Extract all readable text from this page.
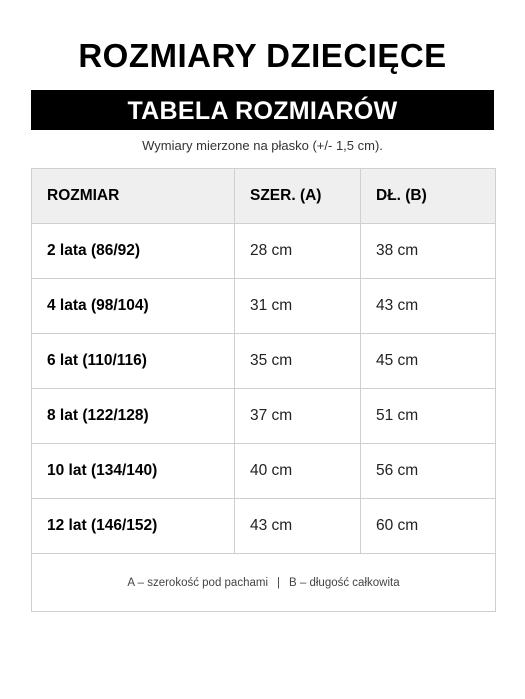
ROZMIARY DZIECIĘCE
TABELA ROZMIARÓW
Wymiary mierzone na płasko (+/- 1,5 cm).
ROZMIAR	SZER. (A)	DŁ. (B)
2 lata (86/92)	28 cm	38 cm
4 lata (98/104)	31 cm	43 cm
6 lat (110/116)	35 cm	45 cm
8 lat (122/128)	37 cm	51 cm
10 lat (134/140)	40 cm	56 cm
12 lat (146/152)	43 cm	60 cm
A – szerokość pod pachami | B – długość całkowita		
